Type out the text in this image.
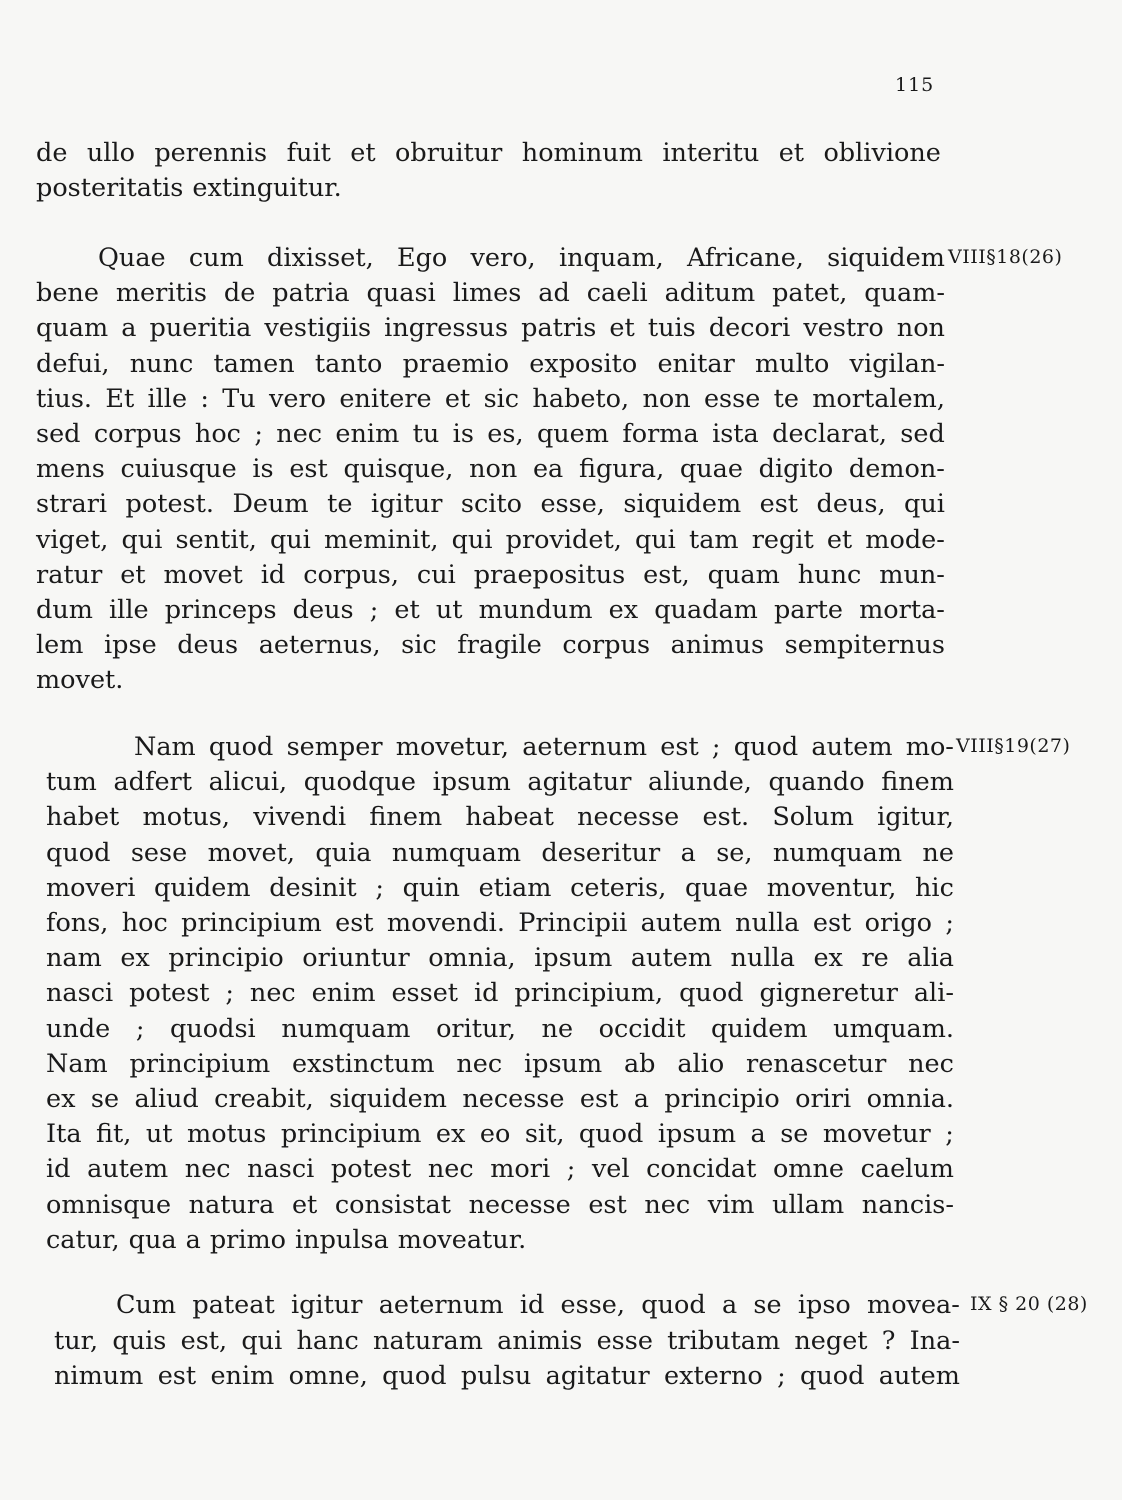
115
de ullo perennis fuit et obruitur hominum interitu et oblivione
posteritatis extinguitur.
Quae cum dixisset, Ego vero, inquam, Africane, siquidem
bene meritis de patria quasi limes ad caeli aditum patet, quam-
quam a pueritia vestigiis ingressus patris et tuis decori vestro non
defui, nunc tamen tanto praemio exposito enitar multo vigilan-
tius. Et ille : Tu vero enitere et sic habeto, non esse te mortalem,
sed corpus hoc ; nec enim tu is es, quem forma ista declarat, sed
mens cuiusque is est quisque, non ea figura, quae digito demon-
strari potest. Deum te igitur scito esse, siquidem est deus, qui
viget, qui sentit, qui meminit, qui providet, qui tam regit et mode-
ratur et movet id corpus, cui praepositus est, quam hunc mun-
dum ille princeps deus ; et ut mundum ex quadam parte morta-
lem ipse deus aeternus, sic fragile corpus animus sempiternus
movet.
VIII§18(26)
Nam quod semper movetur, aeternum est ; quod autem mo-
tum adfert alicui, quodque ipsum agitatur aliunde, quando finem
habet motus, vivendi finem habeat necesse est. Solum igitur,
quod sese movet, quia numquam deseritur a se, numquam ne
moveri quidem desinit ; quin etiam ceteris, quae moventur, hic
fons, hoc principium est movendi. Principii autem nulla est origo ;
nam ex principio oriuntur omnia, ipsum autem nulla ex re alia
nasci potest ; nec enim esset id principium, quod gigneretur ali-
unde ; quodsi numquam oritur, ne occidit quidem umquam.
Nam principium exstinctum nec ipsum ab alio renascetur nec
ex se aliud creabit, siquidem necesse est a principio oriri omnia.
Ita fit, ut motus principium ex eo sit, quod ipsum a se movetur ;
id autem nec nasci potest nec mori ; vel concidat omne caelum
omnisque natura et consistat necesse est nec vim ullam nancis-
catur, qua a primo inpulsa moveatur.
VIII§19(27)
Cum pateat igitur aeternum id esse, quod a se ipso movea-
tur, quis est, qui hanc naturam animis esse tributam neget ? Ina-
nimum est enim omne, quod pulsu agitatur externo ; quod autem
IX § 20 (28)
